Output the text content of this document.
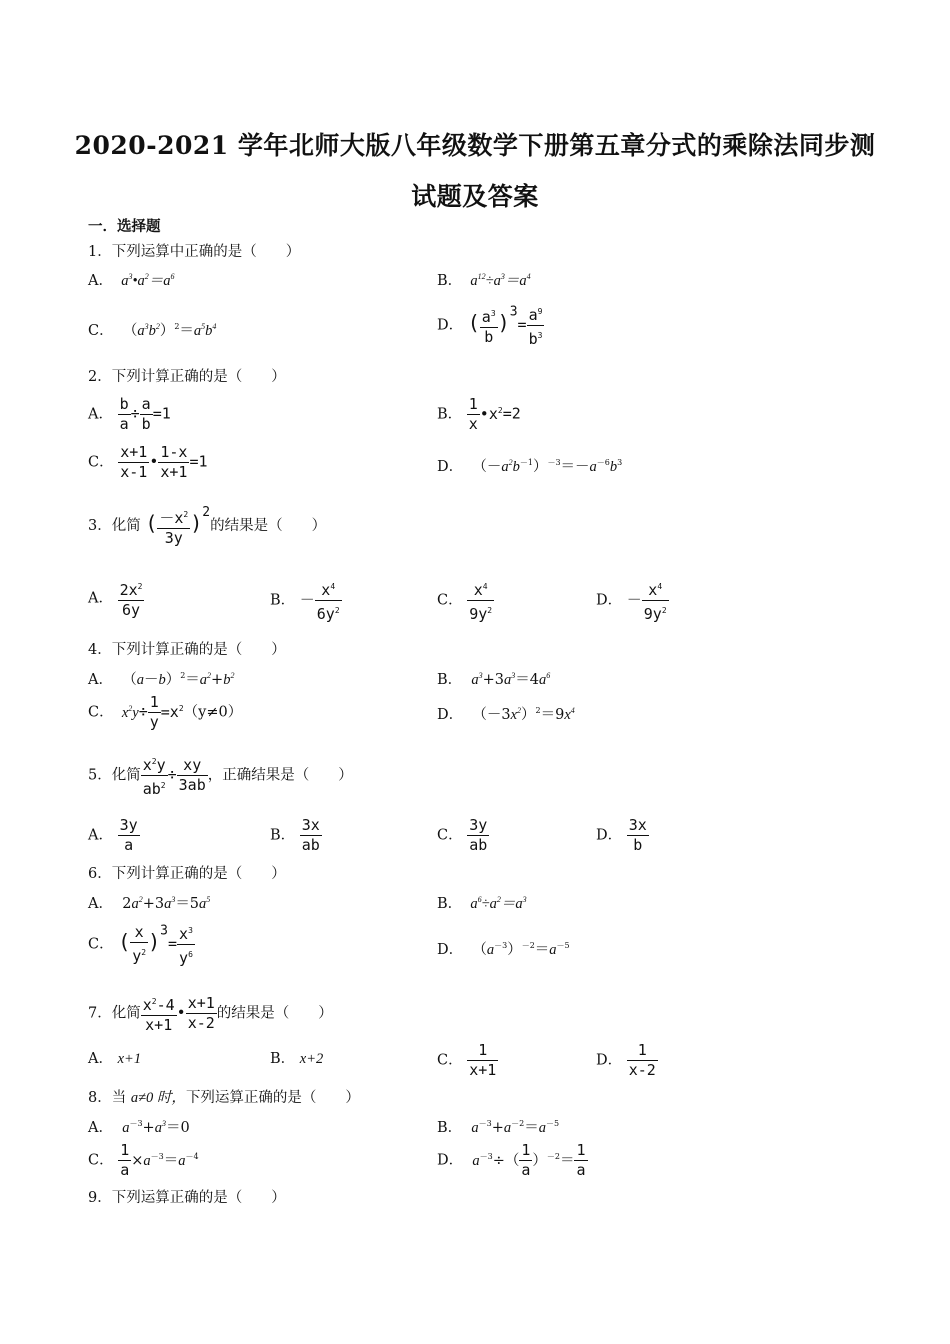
2020-2021 学年北师大版八年级数学下册第五章分式的乘除法同步测
试题及答案
一．选择题
1．下列运算中正确的是（　　）
A．  $a^3•a^2=a^6$	B．  $a^{12}\div a^3=a^4$
C．  $(a^3b^2)^2=a^5b^4$	D． ( $\frac{a^3}{b} )3= \frac{a^9}{b^3}$
2．下列计算正确的是（　　）
A． $\frac{b}{a} \div \frac{a}{b} =1$	B． $\frac{1}{x}$ $•x^2=2$
C． $\frac{x+1}{x-1}$ • $\frac{1-x}{x+1} =1$	D．  $(-a^2b^{-1})^{-3}=-a^{-6}b^3$
3．化简 ( $\frac{-x^2}{3y} )2$的结果是（　　）
A． $\frac{2x^2}{6y}$	B． － $\frac{x^4}{6y^2}$	C． $\frac{x^4}{9y^2}$	D． － $\frac{x^4}{9y^2}$
4．下列计算正确的是（　　）
A．  $(a-b)^2=a^2+b^2$	B． $a^3+3a^3=4a^6$
C．  $x^2y\div \frac{1}{y} =x^2(y\ne 0)$	D．  $(-3x^2)^2=9x^4$
5．化简 $\frac{x^2y}{ab^2} \div \frac{xy}{3ab}$ ，正确结果是（　　）
A． $\frac{3y}{a}$	B． $\frac{3x}{ab}$	C． $\frac{3y}{ab}$	D． $\frac{3x}{b}$
6．下列计算正确的是（　　）
A．  $2a^2+3a^3=5a^5$	B．  $a^6\div a^2=a^3$
C． ( $\frac{x}{y^2} )3= \frac{x^3}{y^6}$	D．  $(a^{-3})^{-2}=a^{-5}$
7．化简 $\frac{x^2-4}{x+1}$ • $\frac{x+1}{x-2}$ 的结果是（　　）
A． x+1	B． x+2	C． $\frac{1}{x+1}$	D． $\frac{1}{x-2}$
8．当 a≠0 时，下列运算正确的是（　　）
A． $a^{-3}+a^3=0$	B． $a^{-3}+a^{-2}=a^{-5}$
C． $\frac{1}{a} \times a^{-3}=a^{-4}$	D． $a^{-3}\div( \frac{1}{a} )^{-2}= \frac{1}{a}$
9．下列运算正确的是（　　）
